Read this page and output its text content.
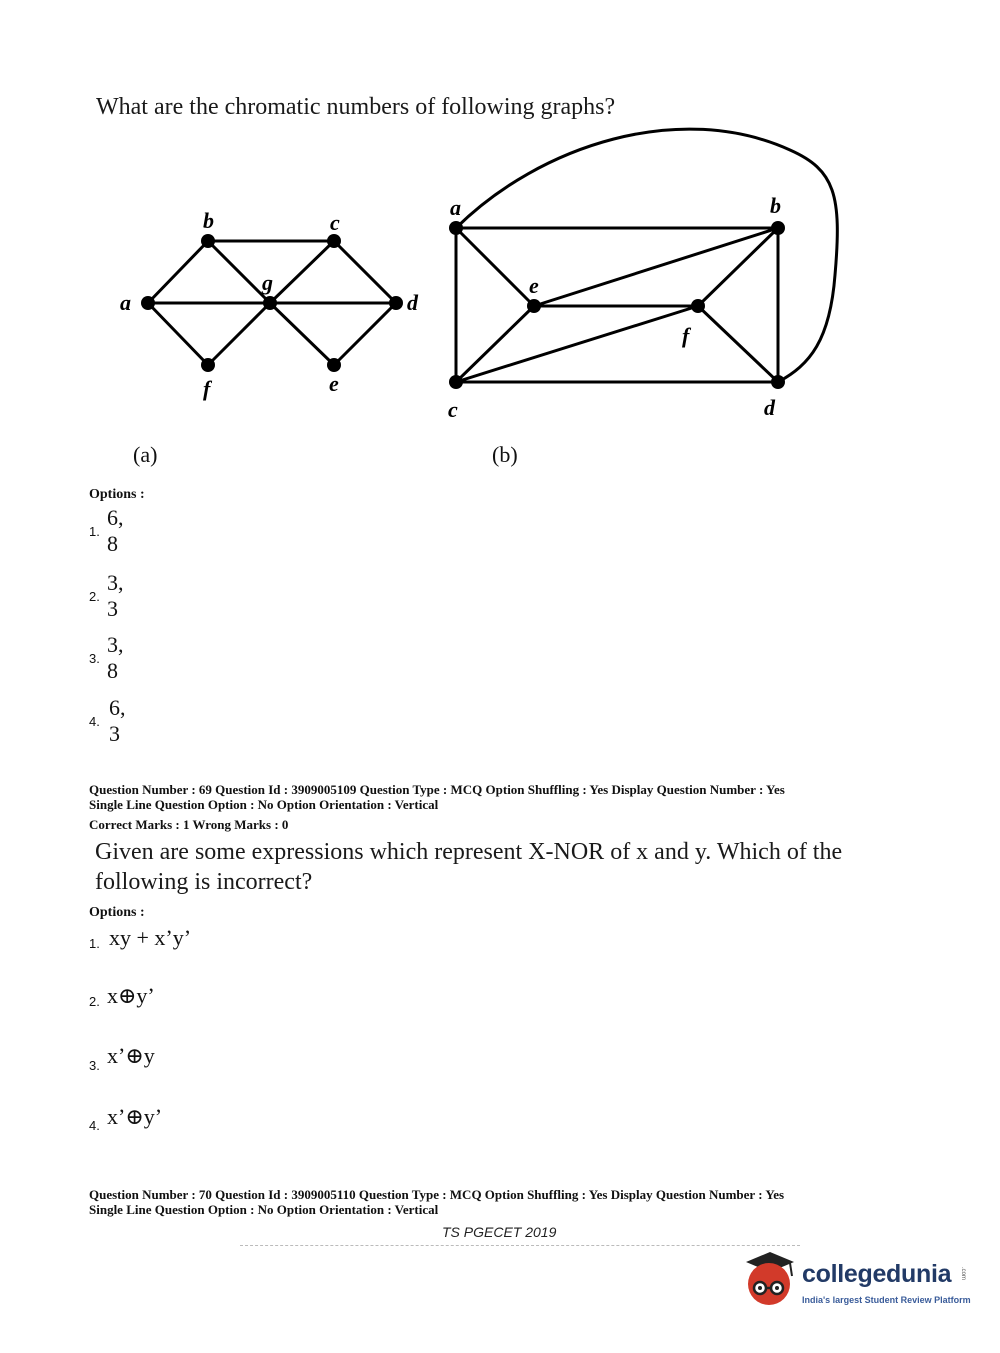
What are the chromatic numbers of following graphs?
a
b	c
d
e
f
g
a	b
c	d
e
f
(a)	(b)
Options :
1.
6, 8
2.
3, 3
3.
3, 8
4.
6, 3
Question Number : 69 Question Id : 3909005109 Question Type : MCQ Option Shuffling : Yes Display Question Number : Yes
Single Line Question Option : No Option Orientation : Vertical
Correct Marks : 1 Wrong Marks : 0
Given are some expressions which represent X-NOR of x and y. Which of the
following is incorrect?
Options :
1. xy + x’y’
2. x⊕y’
3. x’⊕y
4. x’⊕y’
Question Number : 70 Question Id : 3909005110 Question Type : MCQ Option Shuffling : Yes Display Question Number : Yes
Single Line Question Option : No Option Orientation : Vertical
TS PGECET 2019
collegedunia .com
India's largest Student Review Platform
